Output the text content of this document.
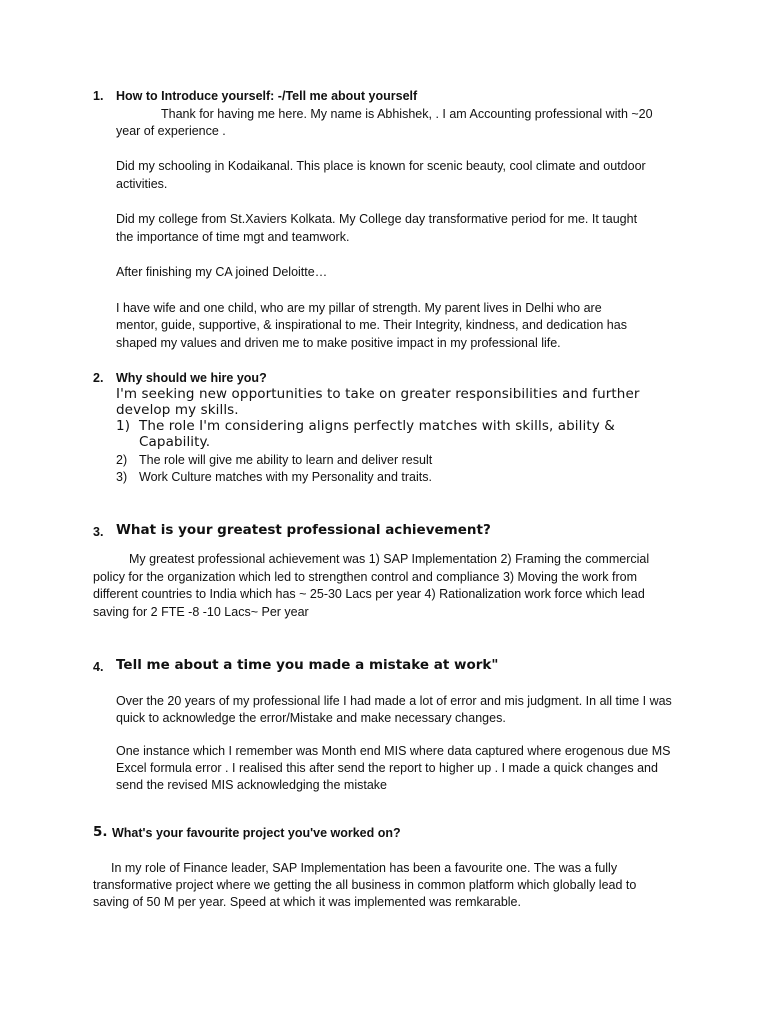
1. How to Introduce yourself: -/Tell me about yourself
Thank for having me here. My name is Abhishek, . I am Accounting professional with ~20
year of experience .
Did my schooling in Kodaikanal. This place is known for scenic beauty, cool climate and outdoor
activities.
Did my college from St.Xaviers Kolkata. My College day transformative period for me. It taught
the importance of time mgt and teamwork.
After finishing my CA joined Deloitte…
I have wife and one child, who are my pillar of strength. My parent lives in Delhi who are
mentor, guide, supportive, & inspirational to me. Their Integrity, kindness, and dedication has
shaped my values and driven me to make positive impact in my professional life.
2. Why should we hire you?
I'm seeking new opportunities to take on greater responsibilities and further
develop my skills.
1) The role I'm considering aligns perfectly matches with skills, ability &
Capability.
2) The role will give me ability to learn and deliver result
3) Work Culture matches with my Personality and traits.
3. What is your greatest professional achievement?
My greatest professional achievement was 1) SAP Implementation 2) Framing the commercial
policy for the organization which led to strengthen control and compliance 3) Moving the work from
different countries to India which has ~ 25-30 Lacs per year 4) Rationalization work force which lead
saving for 2 FTE -8 -10 Lacs~ Per year
4. Tell me about a time you made a mistake at work"
Over the 20 years of my professional life I had made a lot of error and mis judgment. In all time I was
quick to acknowledge the error/Mistake and make necessary changes.
One instance which I remember was Month end MIS where data captured where erogenous due MS
Excel formula error . I realised this after send the report to higher up . I made a quick changes and
send the revised MIS acknowledging the mistake
5. What's your favourite project you've worked on?
In my role of Finance leader, SAP Implementation has been a favourite one. The was a fully
transformative project where we getting the all business in common platform which globally lead to
saving of 50 M per year. Speed at which it was implemented was remkarable.
